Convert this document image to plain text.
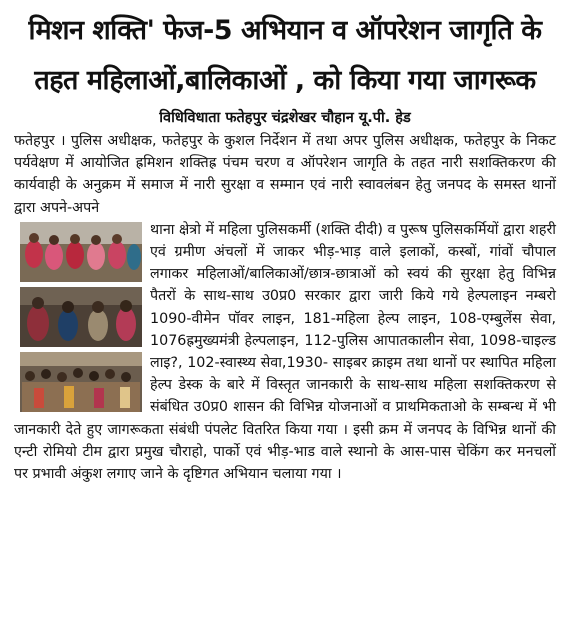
मिशन शक्ति' फेज-5 अभियान व ऑपरेशन जागृति के
तहत महिलाओं,बालिकाओं , को किया गया जागरूक
विधिविधाता फतेहपुर चंद्रशेखर चौहान यू.पी. हेड
फतेहपुर । पुलिस अधीक्षक, फतेहपुर के कुशल निर्देशन में तथा अपर पुलिस अधीक्षक, फतेहपुर के निकट पर्यवेक्षण में आयोजित ह्रमिशन शक्तिह्र पंचम चरण व ऑपरेशन जागृति के तहत नारी सशक्तिकरण की कार्यवाही के अनुक्रम में समाज में नारी सुरक्षा व सम्मान एवं नारी स्वावलंबन हेतु जनपद के समस्त थानों द्वारा अपने-अपने
थाना क्षेत्रो में महिला पुलिसकर्मी (शक्ति दीदी) व पुरूष पुलिसकर्मियों द्वारा शहरी एवं ग्रमीण अंचलों में जाकर भीड़-भाड़ वाले इलाकों, कस्बों, गांवों चौपाल लगाकर महिलाओं/बालिकाओं/छात्र-छात्राओं को स्वयं की सुरक्षा हेतु विभिन्न पैतरों के साथ-साथ उ0प्र0 सरकार द्वारा जारी किये गये हेल्पलाइन नम्बरो 1090-वीमेन पॉवर लाइन, 181-महिला हेल्प लाइन, 108-एम्बुलेंस सेवा, 1076ह्रमुख्यमंत्री हेल्पलाइन, 112-पुलिस आपातकालीन सेवा, 1098-चाइल्ड लाइ?, 102-स्वास्थ्य सेवा,1930- साइबर क्राइम तथा थानों पर स्थापित महिला हेल्प डेस्क के बारे में विस्तृत जानकारी के साथ-साथ महिला सशक्तिकरण से संबंधित उ0प्र0 शासन की विभिन्न योजनाओं व प्राथमिकताओ के सम्बन्ध में भी जानकारी देते हुए जागरूकता संबंधी पंपलेट वितरित किया गया । इसी क्रम में जनपद के विभिन्न थानों की एन्टी रोमियो टीम द्वारा प्रमुख चौराहो, पार्को एवं भीड़-भाड वाले स्थानो के आस-पास चेकिंग कर मनचलों पर प्रभावी अंकुश लगाए जाने के दृष्टिगत अभियान चलाया गया ।
